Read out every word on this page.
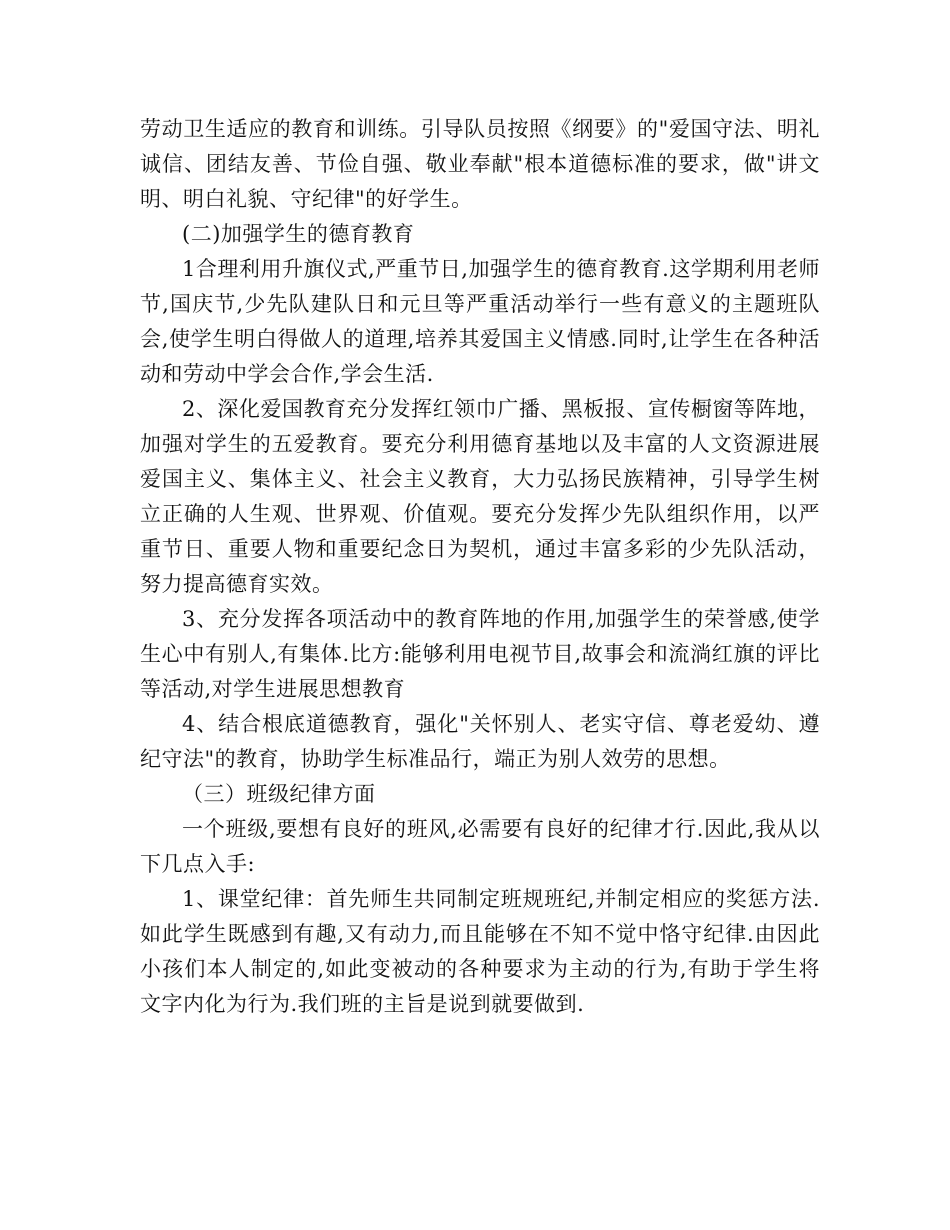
劳动卫生适应的教育和训练。引导队员按照《纲要》的"爱国守法、明礼诚信、团结友善、节俭自强、敬业奉献"根本道德标准的要求，做"讲文明、明白礼貌、守纪律"的好学生。

(二)加强学生的德育教育

1合理利用升旗仪式,严重节日,加强学生的德育教育.这学期利用老师节,国庆节,少先队建队日和元旦等严重活动举行一些有意义的主题班队会,使学生明白得做人的道理,培养其爱国主义情感.同时,让学生在各种活动和劳动中学会合作,学会生活.

2、深化爱国教育充分发挥红领巾广播、黑板报、宣传橱窗等阵地，加强对学生的五爱教育。要充分利用德育基地以及丰富的人文资源进展爱国主义、集体主义、社会主义教育，大力弘扬民族精神，引导学生树立正确的人生观、世界观、价值观。要充分发挥少先队组织作用，以严重节日、重要人物和重要纪念日为契机，通过丰富多彩的少先队活动，努力提高德育实效。

3、充分发挥各项活动中的教育阵地的作用,加强学生的荣誉感,使学生心中有别人,有集体.比方:能够利用电视节目,故事会和流淌红旗的评比等活动,对学生进展思想教育

4、结合根底道德教育，强化"关怀别人、老实守信、尊老爱幼、遵纪守法"的教育，协助学生标准品行，端正为别人效劳的思想。

（三）班级纪律方面

一个班级,要想有良好的班风,必需要有良好的纪律才行.因此,我从以下几点入手:

1、课堂纪律：首先师生共同制定班规班纪,并制定相应的奖惩方法.如此学生既感到有趣,又有动力,而且能够在不知不觉中恪守纪律.由因此小孩们本人制定的,如此变被动的各种要求为主动的行为,有助于学生将文字内化为行为.我们班的主旨是说到就要做到.
